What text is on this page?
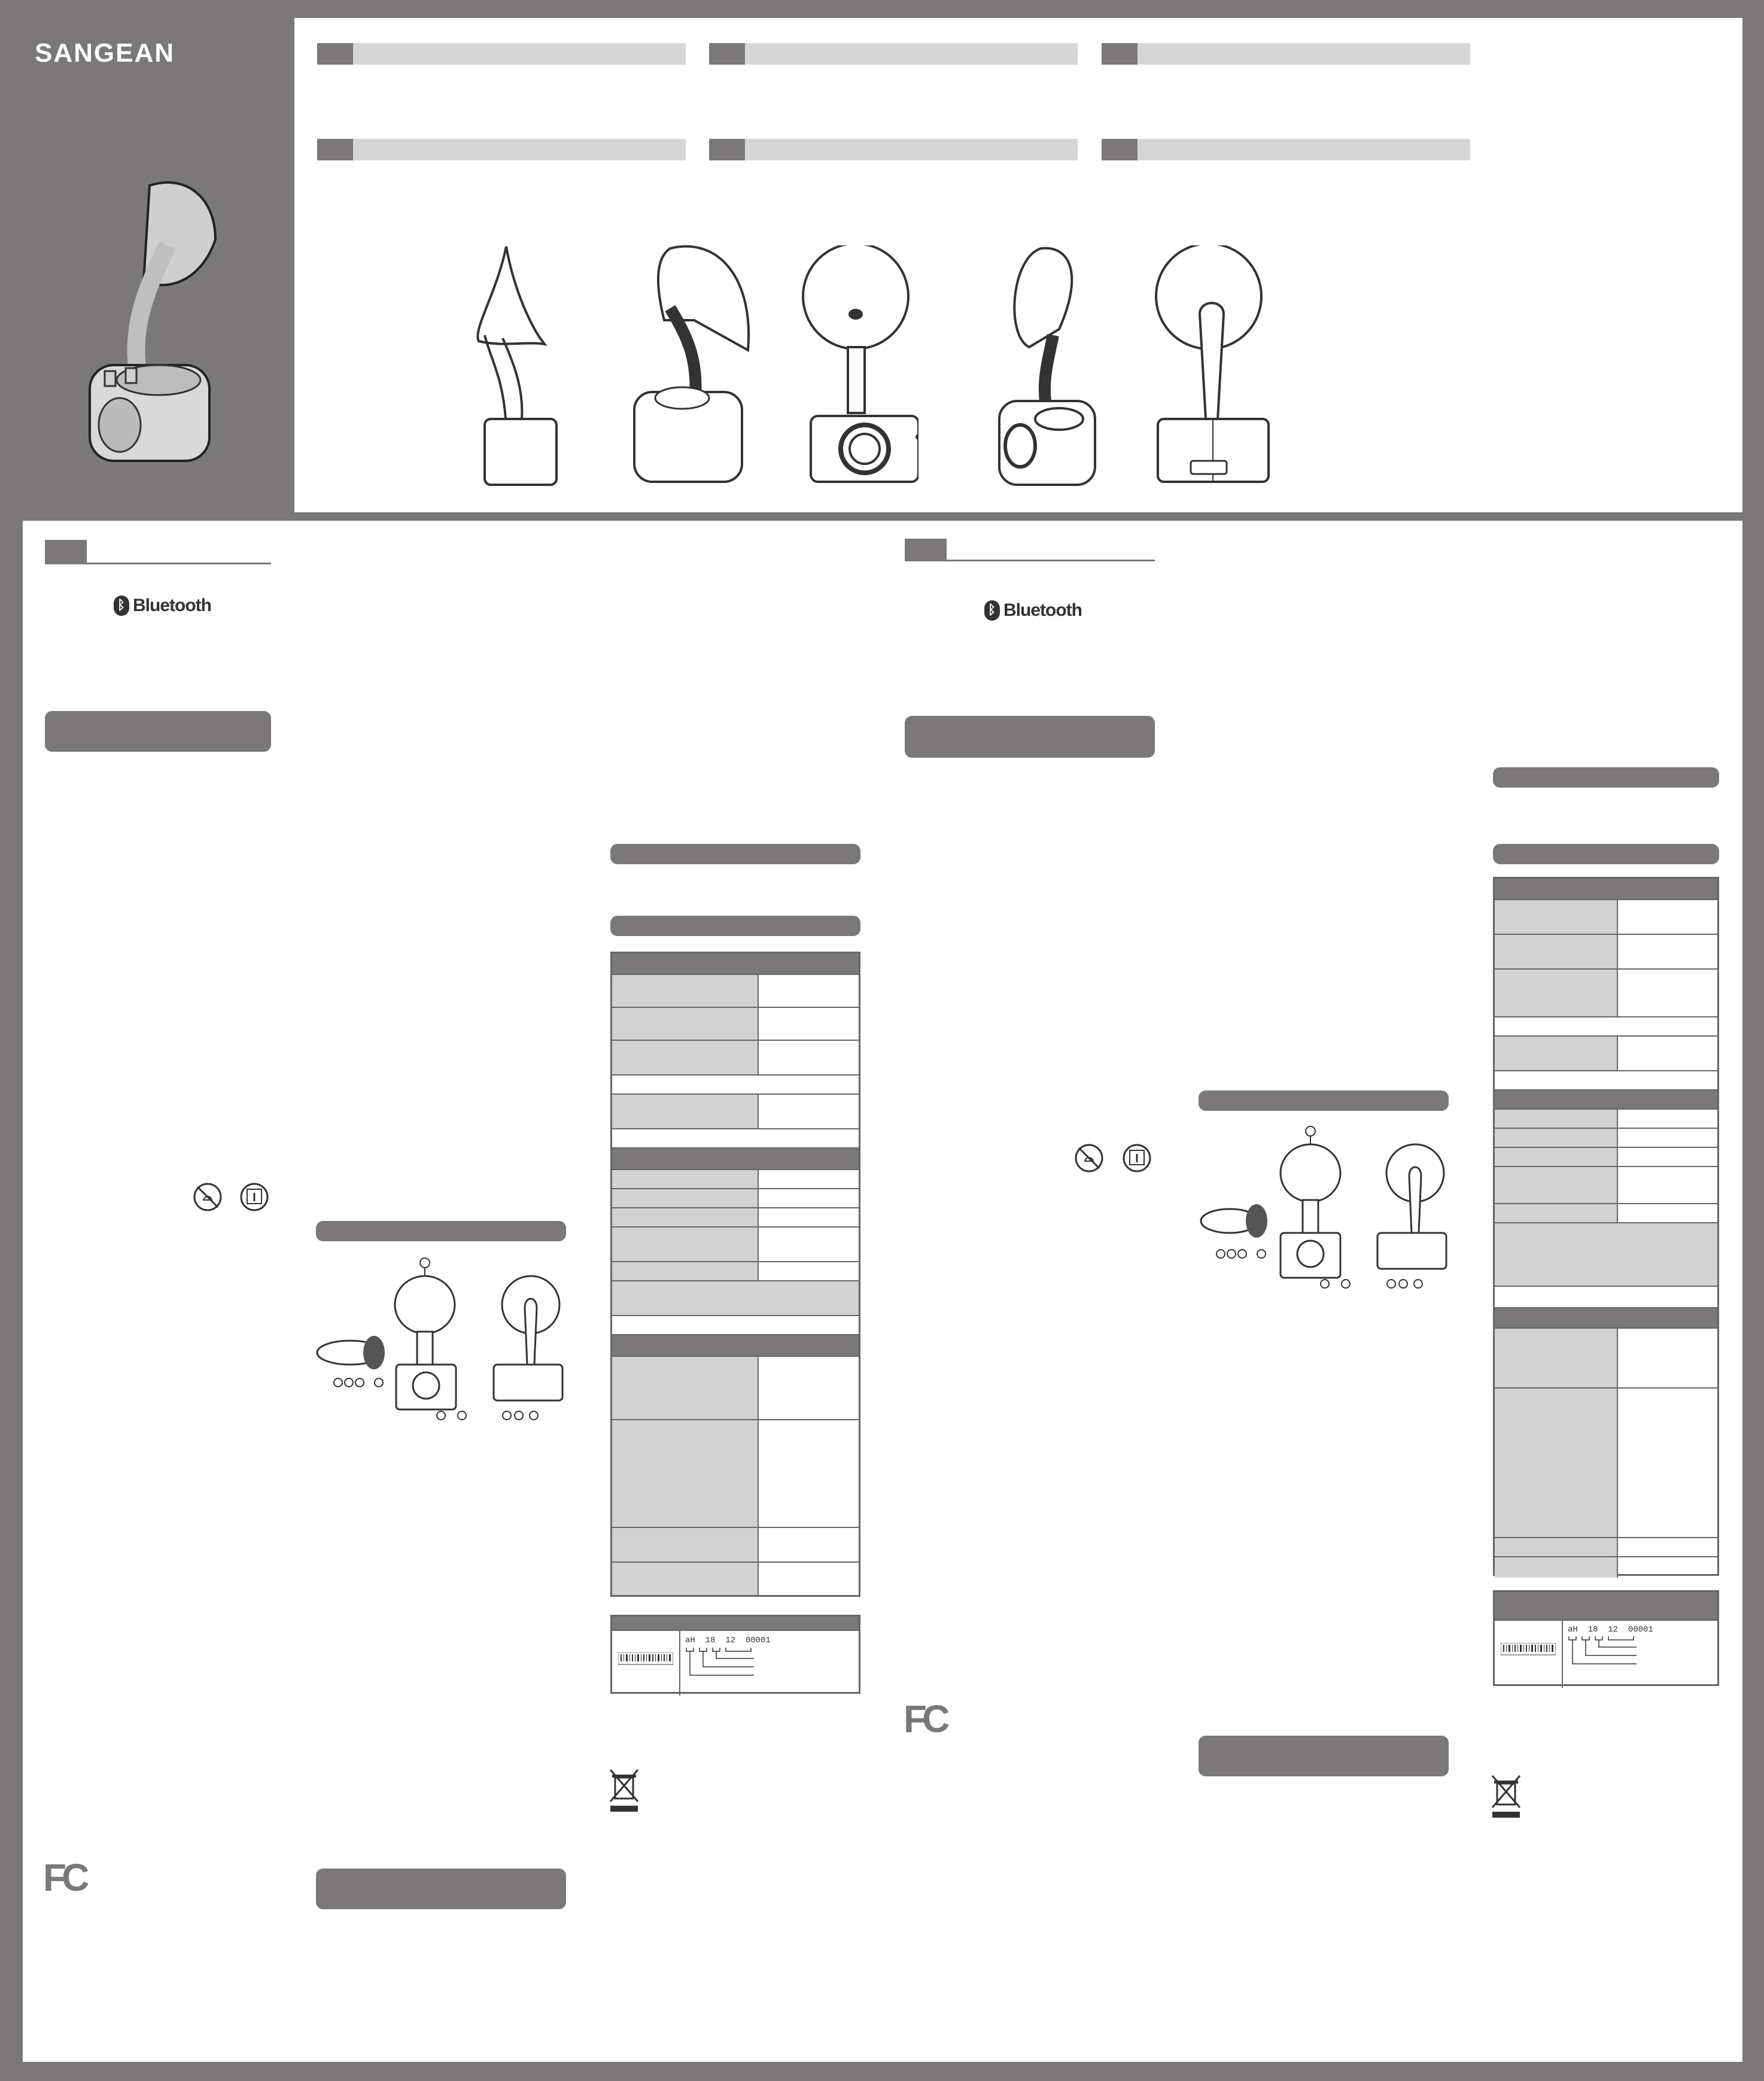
SANGEAN
ᛒ
Bluetooth
FC
aH  18  12  00001
ᛒ
Bluetooth
FC
aH  18  12  00001
